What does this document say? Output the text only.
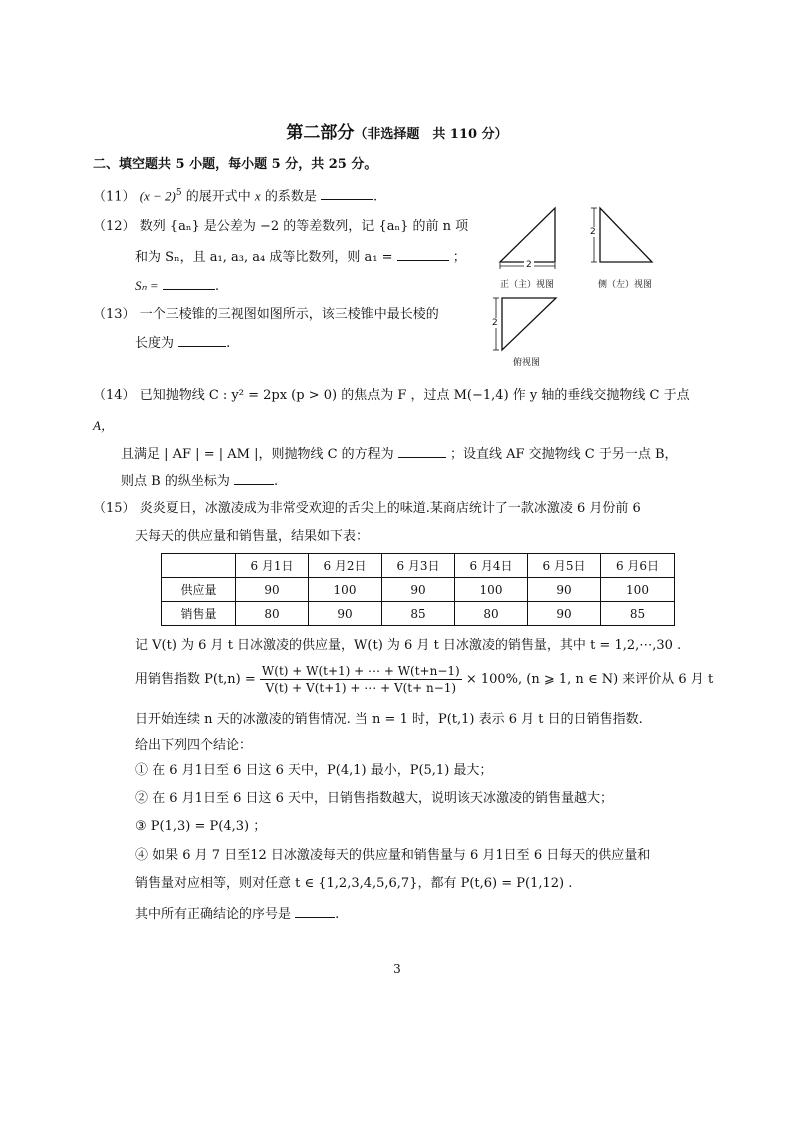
第二部分（非选择题　共 110 分）
二、填空题共 5 小题，每小题 5 分，共 25 分。
（11） $(x - 2)^5$ 的展开式中 x 的系数是	.
（12） 数列 {aₙ} 是公差为 −2 的等差数列，记 {aₙ} 的前 n 项
和为 Sₙ，且 a₁, a₃, a₄ 成等比数列，则 a₁ =	；
Sₙ =	.
（13） 一个三棱锥的三视图如图所示，该三棱锥中最长棱的
长度为	.
2
2
2
正（主）视图	侧（左）视图
俯视图
（14） 已知抛物线 C : y² = 2px (p > 0) 的焦点为 F ，过点 M(−1,4) 作 y 轴的垂线交抛物线 C 于点
A，
且满足 | AF | = | AM |，则抛物线 C 的方程为	；设直线 AF 交抛物线 C 于另一点 B，
则点 B 的纵坐标为	.
（15） 炎炎夏日，冰激凌成为非常受欢迎的舌尖上的味道.某商店统计了一款冰激凌 6 月份前 6
天每天的供应量和销售量，结果如下表：
	6 月1日	6 月2日	6 月3日	6 月4日	6 月5日	6 月6日
供应量	90	100	90	100	90	100
销售量	80	90	85	80	90	85
记 V(t) 为 6 月 t 日冰激凌的供应量，W(t) 为 6 月 t 日冰激凌的销售量，其中 t = 1,2,⋯,30 .
用销售指数 $P(t,n) = \frac{W(t) + W(t+1) + \cdots + W(t+n-1)}{V(t) + V(t+1) + \cdots + V(t+ n-1)} \times 100\%$, (n ⩾ 1, n ∈ N) 来评价从 6 月 t
日开始连续 n 天的冰激凌的销售情况. 当 n = 1 时，P(t,1) 表示 6 月 t 日的日销售指数.
给出下列四个结论：
① 在 6 月1日至 6 日这 6 天中，P(4,1) 最小，P(5,1) 最大；
② 在 6 月1日至 6 日这 6 天中，日销售指数越大，说明该天冰激凌的销售量越大；
③ P(1,3) = P(4,3) ；
④ 如果 6 月 7 日至12 日冰激凌每天的供应量和销售量与 6 月1日至 6 日每天的供应量和
销售量对应相等，则对任意 t ∈ {1,2,3,4,5,6,7}，都有 P(t,6) = P(1,12) .
其中所有正确结论的序号是	.
3
